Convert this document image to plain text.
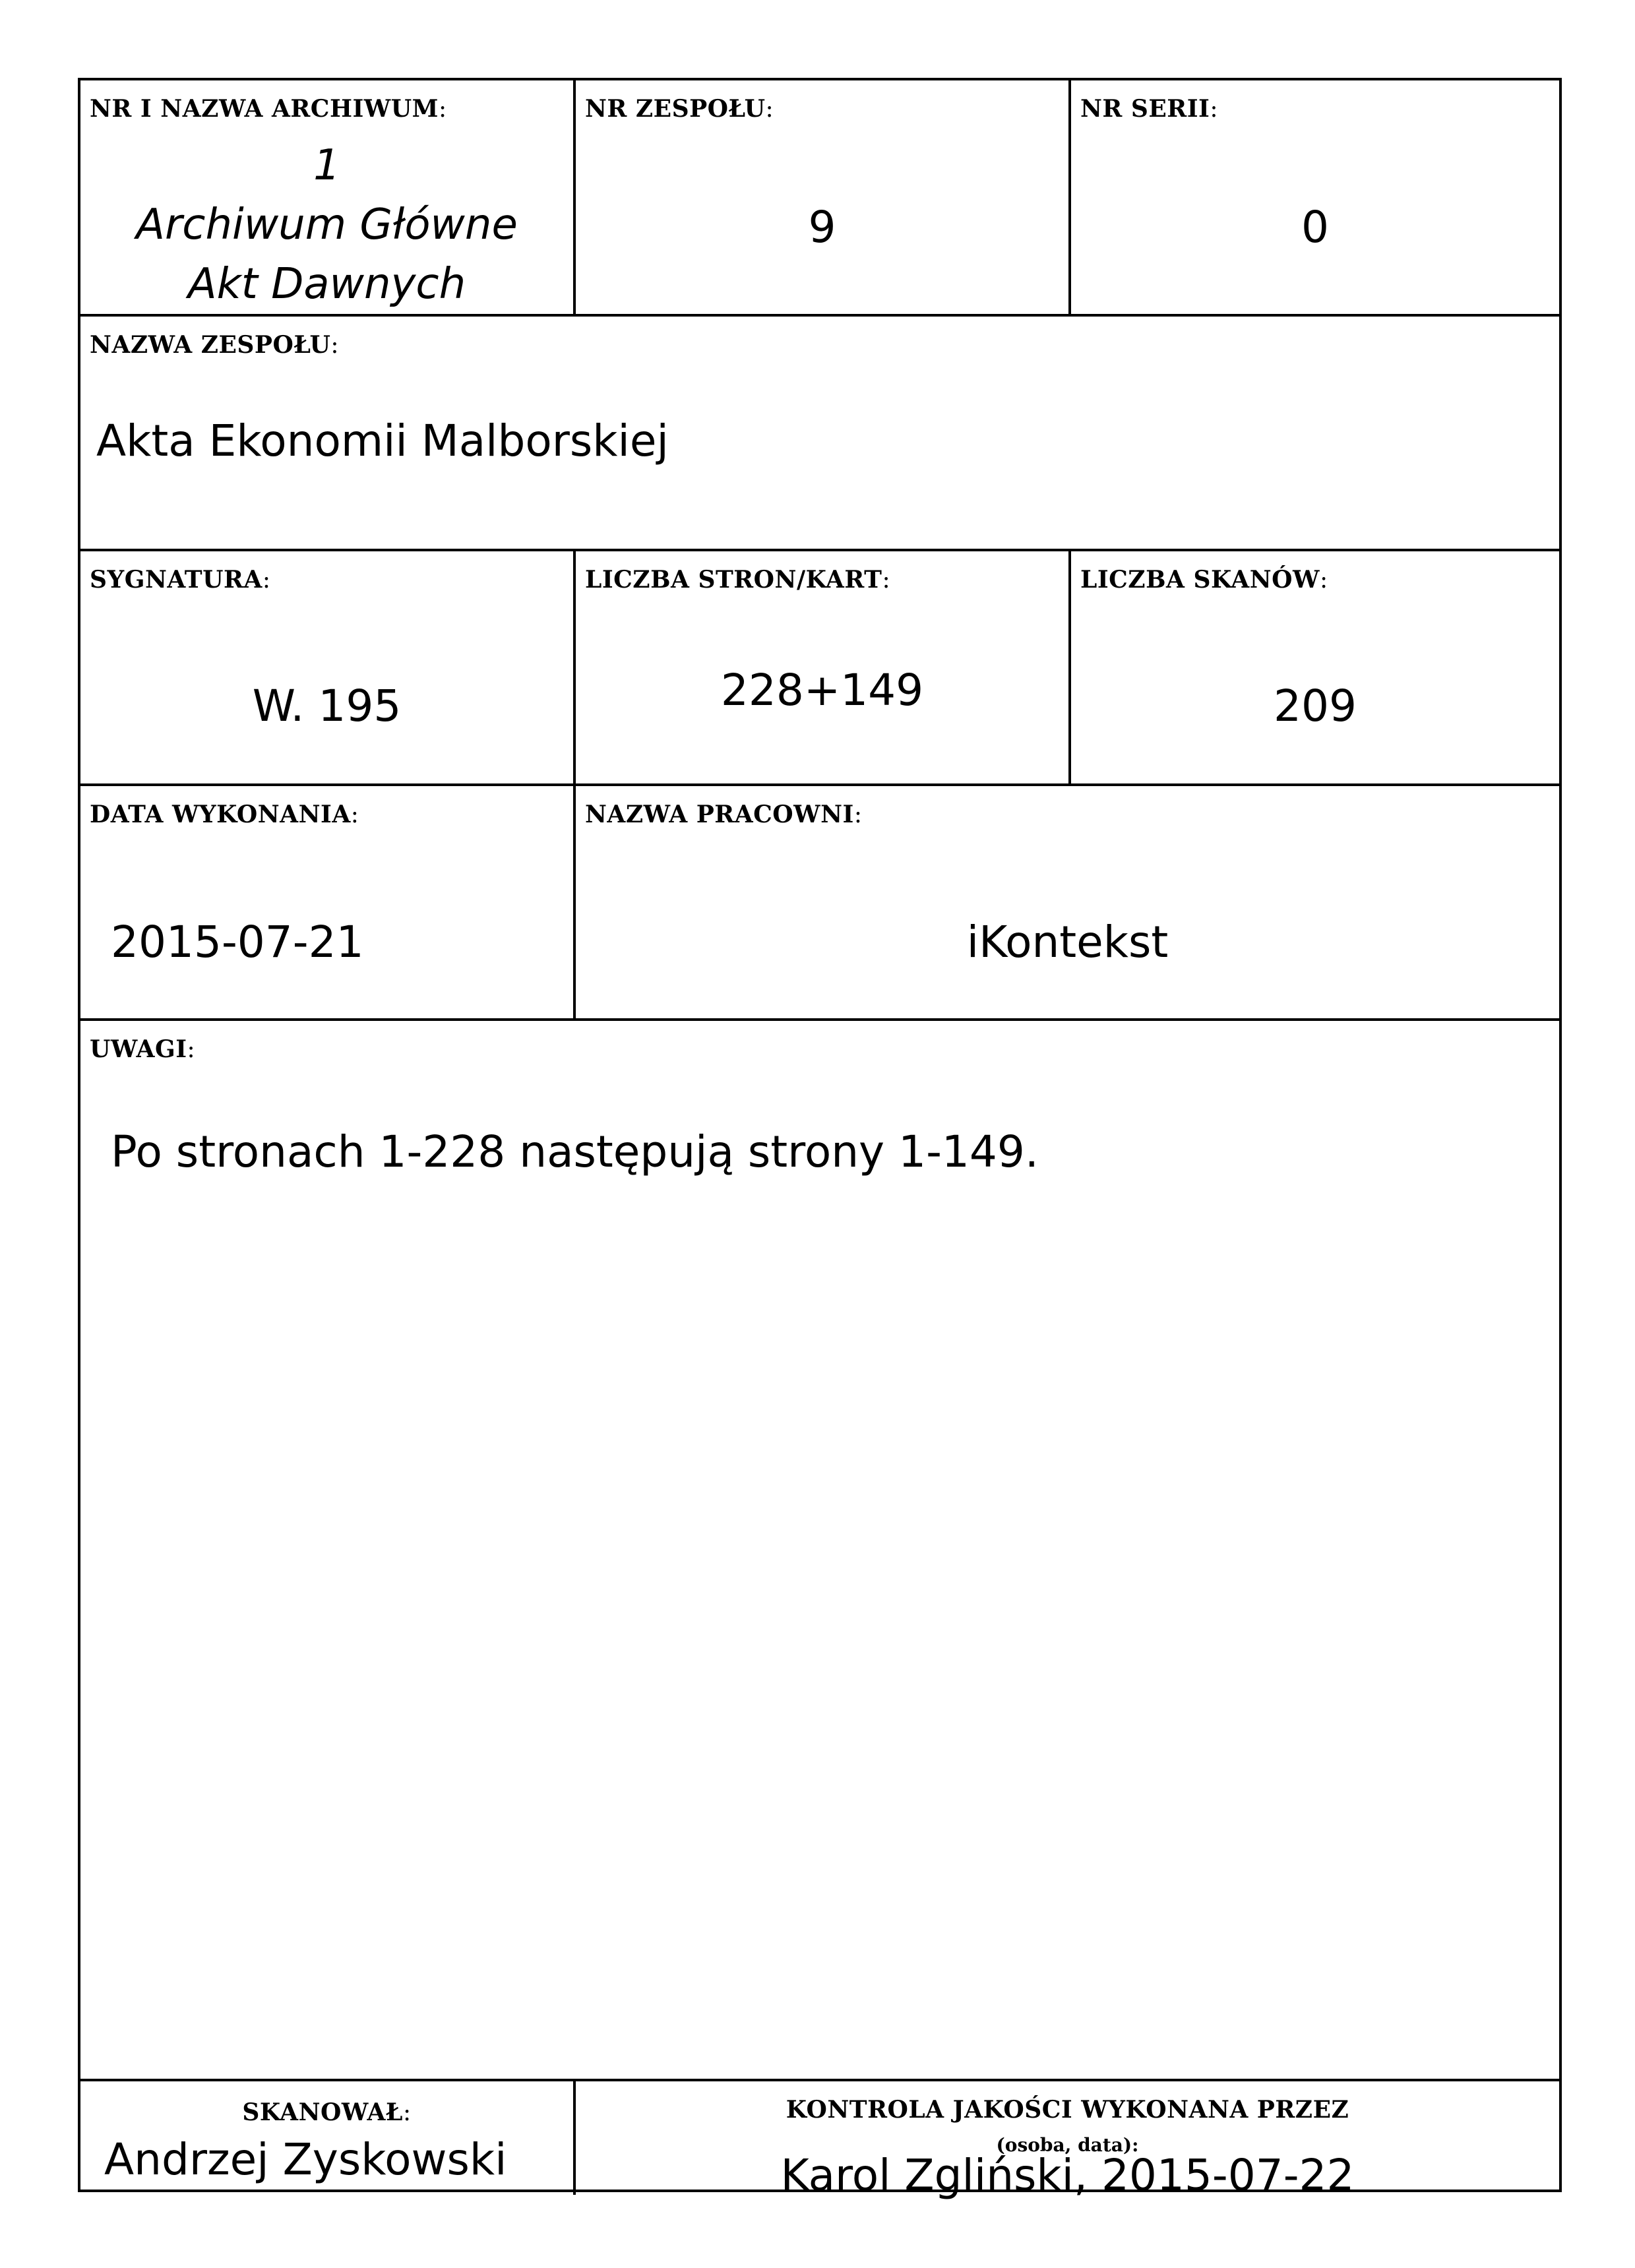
NR I NAZWA ARCHIWUM:
1
Archiwum Główne
Akt Dawnych
NR ZESPOŁU:
9
NR SERII:
0
NAZWA ZESPOŁU:
Akta Ekonomii Malborskiej
SYGNATURA:
W. 195
LICZBA STRON/KART:
228+149
LICZBA SKANÓW:
209
DATA WYKONANIA:
2015-07-21
NAZWA PRACOWNI:
iKontekst
UWAGI:
Po stronach 1-228 następują strony 1-149.
SKANOWAŁ:
Andrzej Zyskowski
KONTROLA JAKOŚCI WYKONANA PRZEZ
(osoba, data):
Karol Zgliński, 2015-07-22
